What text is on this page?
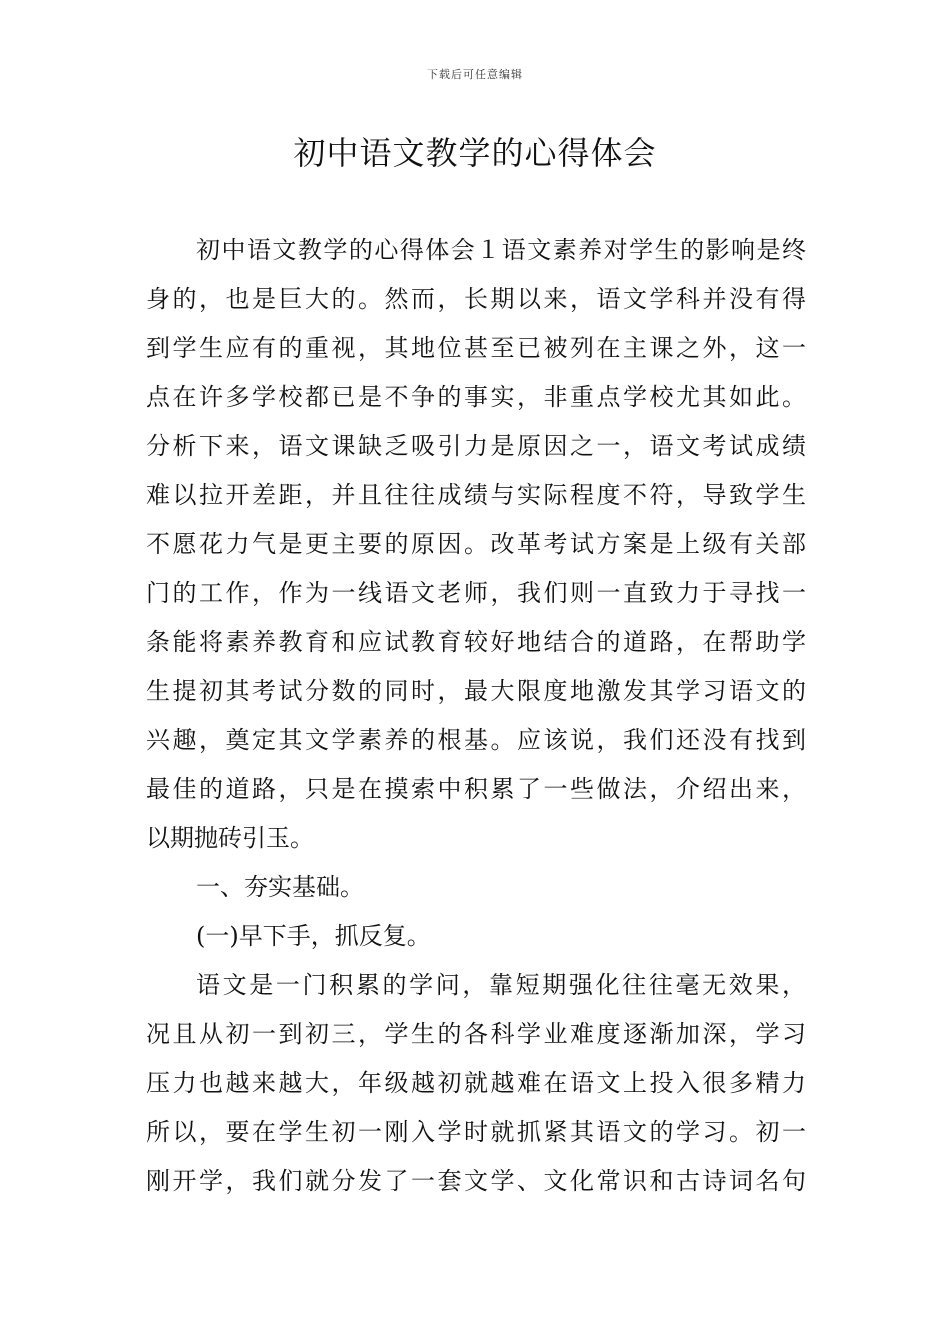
下载后可任意编辑
初中语文教学的心得体会
初中语文教学的心得体会１语文素养对学生的影响是终
身的，也是巨大的。然而，长期以来，语文学科并没有得
到学生应有的重视，其地位甚至已被列在主课之外，这一
点在许多学校都已是不争的事实，非重点学校尤其如此。
分析下来，语文课缺乏吸引力是原因之一，语文考试成绩
难以拉开差距，并且往往成绩与实际程度不符，导致学生
不愿花力气是更主要的原因。改革考试方案是上级有关部
门的工作，作为一线语文老师，我们则一直致力于寻找一
条能将素养教育和应试教育较好地结合的道路，在帮助学
生提初其考试分数的同时，最大限度地激发其学习语文的
兴趣，奠定其文学素养的根基。应该说，我们还没有找到
最佳的道路，只是在摸索中积累了一些做法，介绍出来，
以期抛砖引玉。
一、夯实基础。
(一)早下手，抓反复。
语文是一门积累的学问，靠短期强化往往毫无效果，
况且从初一到初三，学生的各科学业难度逐渐加深，学习
压力也越来越大，年级越初就越难在语文上投入很多精力
所以，要在学生初一刚入学时就抓紧其语文的学习。初一
刚开学，我们就分发了一套文学、文化常识和古诗词名句
